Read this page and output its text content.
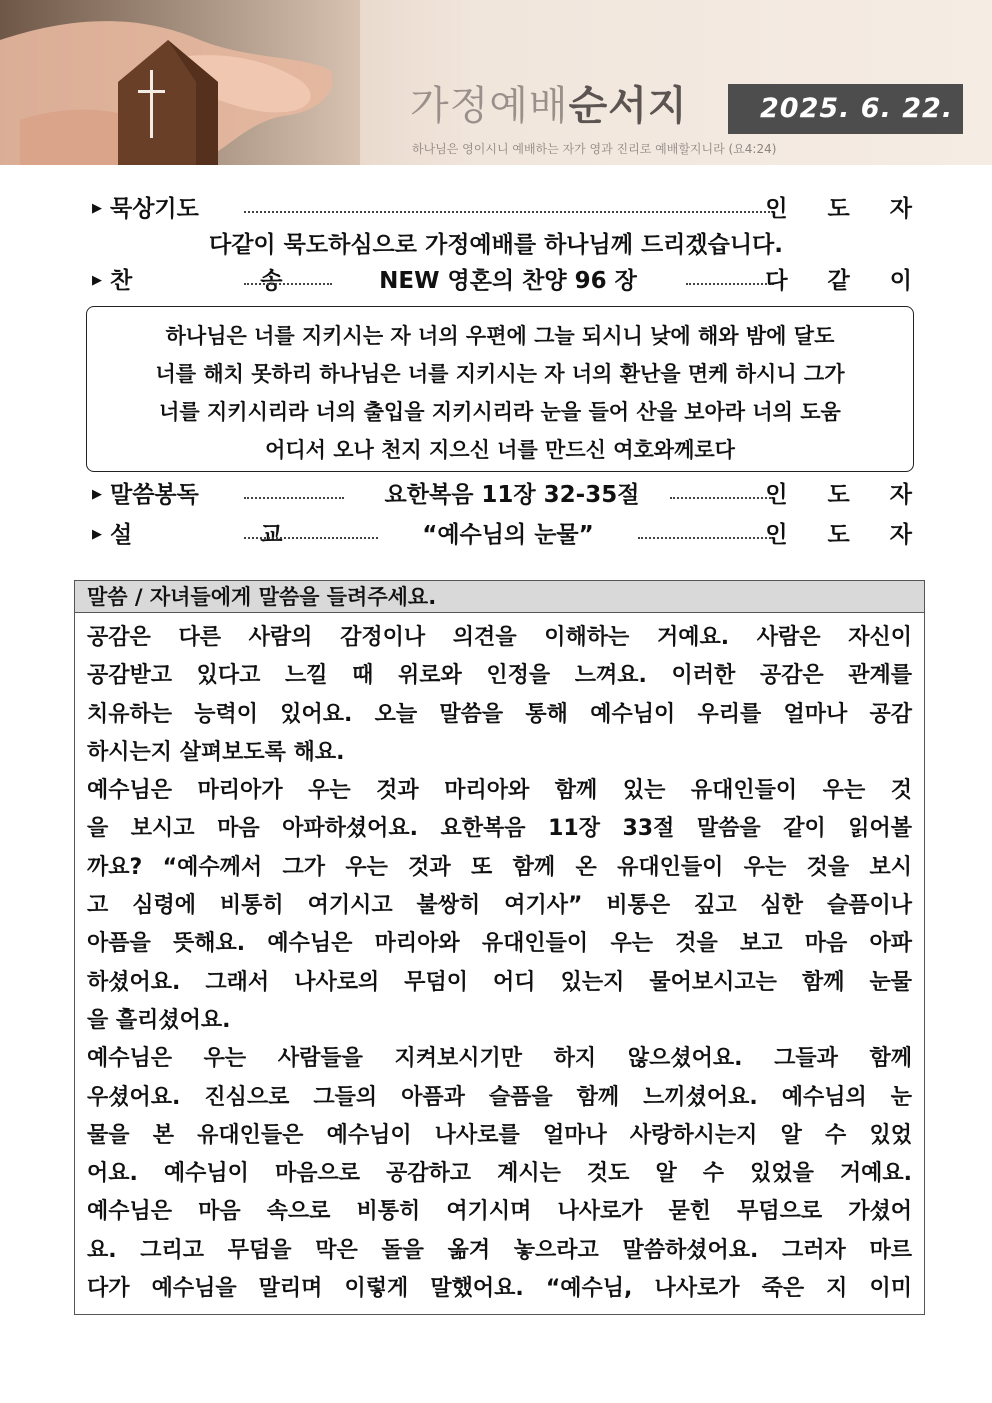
가정예배순서지	2025. 6. 22.
하나님은 영이시니 예배하는 자가 영과 진리로 예배할지니라 (요4:24)
▶ 묵상기도	인 도 자
다같이 묵도하심으로 가정예배를 하나님께 드리겠습니다.
▶ 찬 송	NEW 영혼의 찬양 96 장	다 같 이
하나님은 너를 지키시는 자 너의 우편에 그늘 되시니 낮에 해와 밤에 달도
너를 해치 못하리 하나님은 너를 지키시는 자 너의 환난을 면케 하시니 그가
너를 지키시리라 너의 출입을 지키시리라 눈을 들어 산을 보아라 너의 도움
어디서 오나 천지 지으신 너를 만드신 여호와께로다
▶ 말씀봉독	요한복음 11장 32-35절	인 도 자
▶ 설 교	“예수님의 눈물”	인 도 자
말씀 / 자녀들에게 말씀을 들려주세요.

공감은 다른 사람의 감정이나 의견을 이해하는 거예요. 사람은 자신이
공감받고 있다고 느낄 때 위로와 인정을 느껴요. 이러한 공감은 관계를
치유하는 능력이 있어요. 오늘 말씀을 통해 예수님이 우리를 얼마나 공감
하시는지 살펴보도록 해요.

예수님은 마리아가 우는 것과 마리아와 함께 있는 유대인들이 우는 것
을 보시고 마음 아파하셨어요. 요한복음 11장 33절 말씀을 같이 읽어볼
까요? “예수께서 그가 우는 것과 또 함께 온 유대인들이 우는 것을 보시
고 심령에 비통히 여기시고 불쌍히 여기사” 비통은 깊고 심한 슬픔이나
아픔을 뜻해요. 예수님은 마리아와 유대인들이 우는 것을 보고 마음 아파
하셨어요. 그래서 나사로의 무덤이 어디 있는지 물어보시고는 함께 눈물
을 흘리셨어요.

예수님은 우는 사람들을 지켜보시기만 하지 않으셨어요. 그들과 함께
우셨어요. 진심으로 그들의 아픔과 슬픔을 함께 느끼셨어요. 예수님의 눈
물을 본 유대인들은 예수님이 나사로를 얼마나 사랑하시는지 알 수 있었
어요. 예수님이 마음으로 공감하고 계시는 것도 알 수 있었을 거예요.
예수님은 마음 속으로 비통히 여기시며 나사로가 묻힌 무덤으로 가셨어
요. 그리고 무덤을 막은 돌을 옮겨 놓으라고 말씀하셨어요. 그러자 마르
다가 예수님을 말리며 이렇게 말했어요. “예수님, 나사로가 죽은 지 이미
